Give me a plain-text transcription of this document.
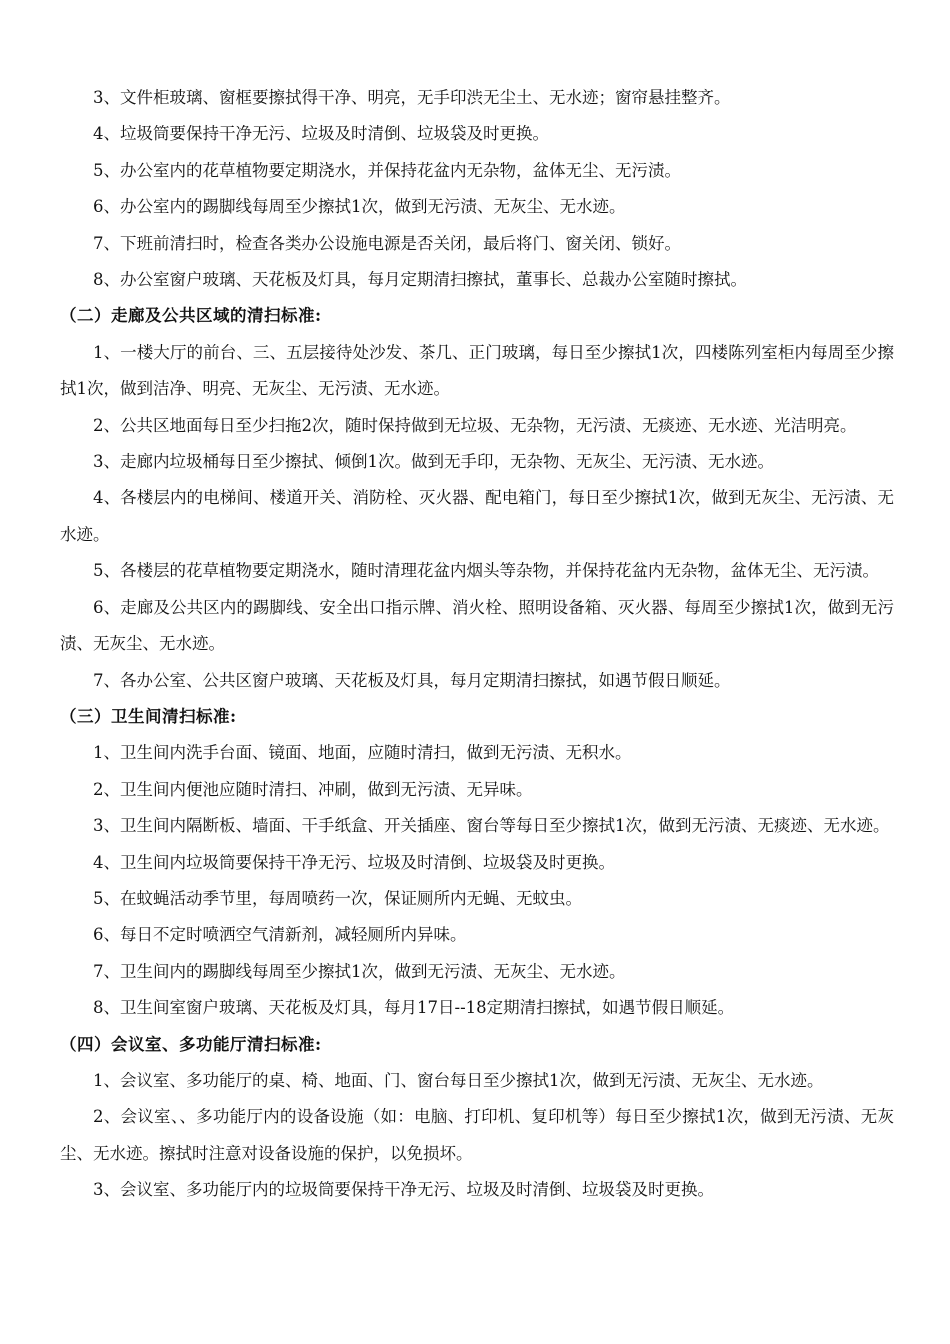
3、文件柜玻璃、窗框要擦拭得干净、明亮，无手印渋无尘土、无水迹；窗帘悬挂整齐。

4、垃圾筒要保持干净无污、垃圾及时清倒、垃圾袋及时更换。

5、办公室内的花草植物要定期浇水，并保持花盆内无杂物，盆体无尘、无污渍。

6、办公室内的踢脚线每周至少擦拭1次，做到无污渍、无灰尘、无水迹。

7、下班前清扫时，检查各类办公设施电源是否关闭，最后将门、窗关闭、锁好。

8、办公室窗户玻璃、天花板及灯具，每月定期清扫擦拭，董事长、总裁办公室随时擦拭。

（二）走廊及公共区域的清扫标准:

1、一楼大厅的前台、三、五层接待处沙发、茶几、正门玻璃，每日至少擦拭1次，四楼陈列室柜内每周至少擦拭1次，做到洁净、明亮、无灰尘、无污渍、无水迹。

2、公共区地面每日至少扫拖2次，随时保持做到无垃圾、无杂物，无污渍、无痰迹、无水迹、光洁明亮。

3、走廊内垃圾桶每日至少擦拭、倾倒1次。做到无手印，无杂物、无灰尘、无污渍、无水迹。

4、各楼层内的电梯间、楼道开关、消防栓、灭火器、配电箱门，每日至少擦拭1次，做到无灰尘、无污渍、无水迹。

5、各楼层的花草植物要定期浇水，随时清理花盆内烟头等杂物，并保持花盆内无杂物，盆体无尘、无污渍。

6、走廊及公共区内的踢脚线、安全出口指示牌、消火栓、照明设备箱、灭火器、每周至少擦拭1次，做到无污渍、无灰尘、无水迹。

7、各办公室、公共区窗户玻璃、天花板及灯具，每月定期清扫擦拭，如遇节假日顺延。

（三）卫生间清扫标准:

1、卫生间内洗手台面、镜面、地面，应随时清扫，做到无污渍、无积水。

2、卫生间内便池应随时清扫、冲刷，做到无污渍、无异味。

3、卫生间内隔断板、墙面、干手纸盒、开关插座、窗台等每日至少擦拭1次，做到无污渍、无痰迹、无水迹。

4、卫生间内垃圾筒要保持干净无污、垃圾及时清倒、垃圾袋及时更换。

5、在蚊蝇活动季节里，每周喷药一次，保证厕所内无蝇、无蚊虫。

6、每日不定时喷洒空气清新剂，减轻厕所内异味。

7、卫生间内的踢脚线每周至少擦拭1次，做到无污渍、无灰尘、无水迹。

8、卫生间室窗户玻璃、天花板及灯具，每月17日--18定期清扫擦拭，如遇节假日顺延。

（四）会议室、多功能厅清扫标准:

1、会议室、多功能厅的桌、椅、地面、门、窗台每日至少擦拭1次，做到无污渍、无灰尘、无水迹。

2、会议室、、多功能厅内的设备设施（如：电脑、打印机、复印机等）每日至少擦拭1次，做到无污渍、无灰尘、无水迹。擦拭时注意对设备设施的保护，以免损坏。

3、会议室、多功能厅内的垃圾筒要保持干净无污、垃圾及时清倒、垃圾袋及时更换。
